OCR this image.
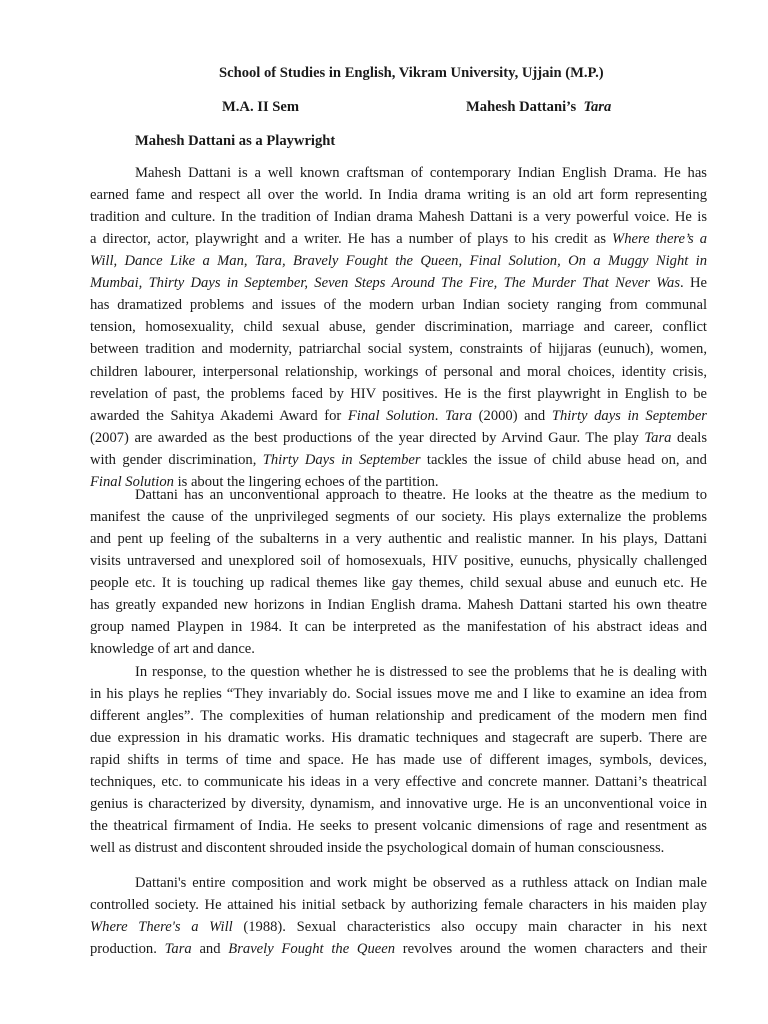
School of Studies in English, Vikram University, Ujjain (M.P.)
M.A. II Sem	Mahesh Dattani’s Tara
Mahesh Dattani as a Playwright
Mahesh Dattani is a well known craftsman of contemporary Indian English Drama. He has
earned fame and respect all over the world. In India drama writing is an old art form representing
tradition and culture. In the tradition of Indian drama Mahesh Dattani is a very powerful voice. He is
a director, actor, playwright and a writer. He has a number of plays to his credit as Where there’s a
Will, Dance Like a Man, Tara, Bravely Fought the Queen, Final Solution, On a Muggy Night in
Mumbai, Thirty Days in September, Seven Steps Around The Fire, The Murder That Never Was. He
has dramatized problems and issues of the modern urban Indian society ranging from communal
tension, homosexuality, child sexual abuse, gender discrimination, marriage and career, conflict
between tradition and modernity, patriarchal social system, constraints of hijjaras (eunuch), women,
children labourer, interpersonal relationship, workings of personal and moral choices, identity crisis,
revelation of past, the problems faced by HIV positives. He is the first playwright in English to be
awarded the Sahitya Akademi Award for Final Solution. Tara (2000) and Thirty days in September
(2007) are awarded as the best productions of the year directed by Arvind Gaur. The play Tara deals
with gender discrimination, Thirty Days in September tackles the issue of child abuse head on, and
Final Solution is about the lingering echoes of the partition.
Dattani has an unconventional approach to theatre. He looks at the theatre as the medium to
manifest the cause of the unprivileged segments of our society. His plays externalize the problems
and pent up feeling of the subalterns in a very authentic and realistic manner. In his plays, Dattani
visits untraversed and unexplored soil of homosexuals, HIV positive, eunuchs, physically challenged
people etc. It is touching up radical themes like gay themes, child sexual abuse and eunuch etc. He
has greatly expanded new horizons in Indian English drama. Mahesh Dattani started his own theatre
group named Playpen in 1984. It can be interpreted as the manifestation of his abstract ideas and
knowledge of art and dance.
In response, to the question whether he is distressed to see the problems that he is dealing with
in his plays he replies “They invariably do. Social issues move me and I like to examine an idea from
different angles”. The complexities of human relationship and predicament of the modern men find
due expression in his dramatic works. His dramatic techniques and stagecraft are superb. There are
rapid shifts in terms of time and space. He has made use of different images, symbols, devices,
techniques, etc. to communicate his ideas in a very effective and concrete manner. Dattani’s theatrical
genius is characterized by diversity, dynamism, and innovative urge. He is an unconventional voice in
the theatrical firmament of India. He seeks to present volcanic dimensions of rage and resentment as
well as distrust and discontent shrouded inside the psychological domain of human consciousness.
Dattani's entire composition and work might be observed as a ruthless attack on Indian male
controlled society. He attained his initial setback by authorizing female characters in his maiden play
Where There's a Will (1988). Sexual characteristics also occupy main character in his next
production. Tara and Bravely Fought the Queen revolves around the women characters and their
